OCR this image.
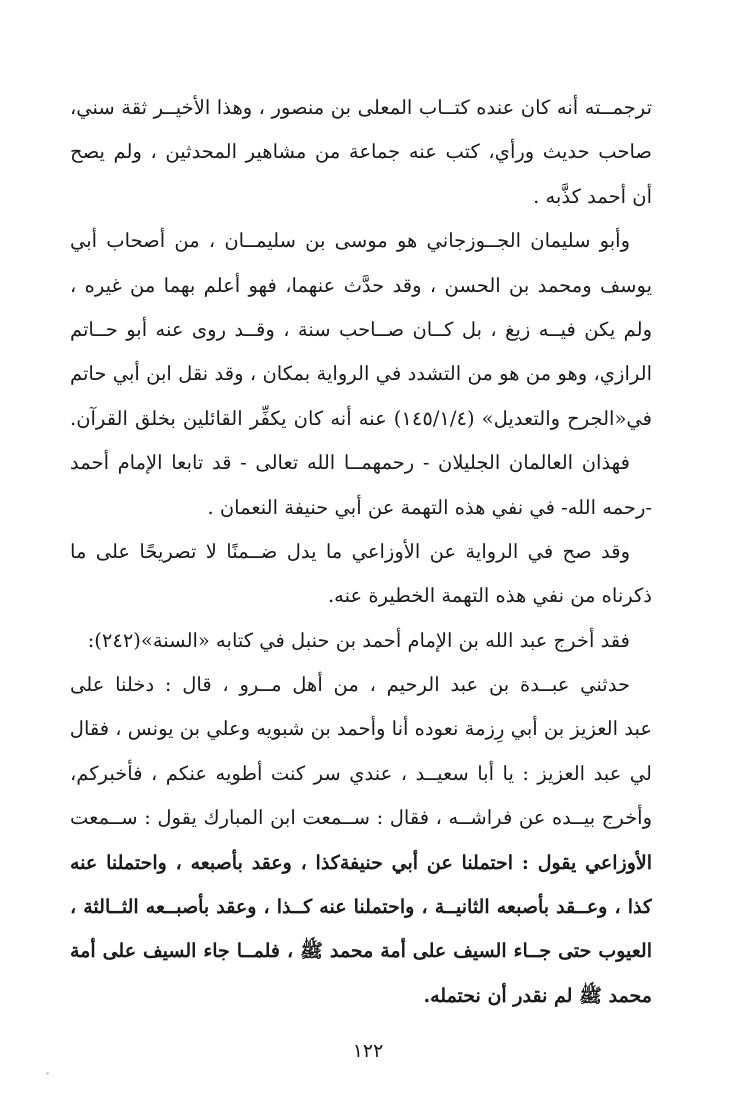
ترجمــته أنه كان عنده كتــاب المعلى بن منصور ، وهذا الأخيــر ثقة سني،
صاحب حديث ورأي، كتب عنه جماعة من مشاهير المحدثين ، ولم يصح
أن أحمد كذَّبه .
وأبو سليمان الجــوزجاني هو موسى بن سليمــان ، من أصحاب أبي
يوسف ومحمد بن الحسن ، وقد حدَّث عنهما، فهو أعلم بهما من غيره ،
ولم يكن فيــه زيغ ، بل كــان صــاحب سنة ، وقــد روى عنه أبو حــاتم
الرازي، وهو من هو من التشدد في الرواية بمكان ، وقد نقل ابن أبي حاتم
في«الجرح والتعديل» (١٤٥/١/٤) عنه أنه كان يكفِّر القائلين بخلق القرآن.
فهذان العالمان الجليلان - رحمهمــا الله تعالى - قد تابعا الإمام أحمد
-رحمه الله- في نفي هذه التهمة عن أبي حنيفة النعمان .
وقد صح في الرواية عن الأوزاعي ما يدل ضــمنًا لا تصريحًا على ما
ذكرناه من نفي هذه التهمة الخطيرة عنه.
فقد أخرج عبد الله بن الإمام أحمد بن حنبل في كتابه «السنة»(٢٤٢):
حدثني عبــدة بن عبد الرحيم ، من أهل مــرو ، قال : دخلنا على
عبد العزيز بن أبي رِزمة نعوده أنا وأحمد بن شبويه وعلي بن يونس ، فقال
لي عبد العزيز : يا أبا سعيــد ، عندي سر كنت أطويه عنكم ، فأخبركم،
وأخرج بيــده عن فراشــه ، فقال : ســمعت ابن المبارك يقول : ســمعت
الأوزاعي يقول : احتملنا عن أبي حنيفةكذا ، وعقد بأصبعه ، واحتملنا عنه
كذا ، وعــقد بأصبعه الثانيــة ، واحتملنا عنه كــذا ، وعقد بأصبــعه الثــالثة ،
العيوب حتى جــاء السيف على أمة محمد ﷺ ، فلمــا جاء السيف على أمة
محمد ﷺ لم نقدر أن نحتمله.
١٢٢
